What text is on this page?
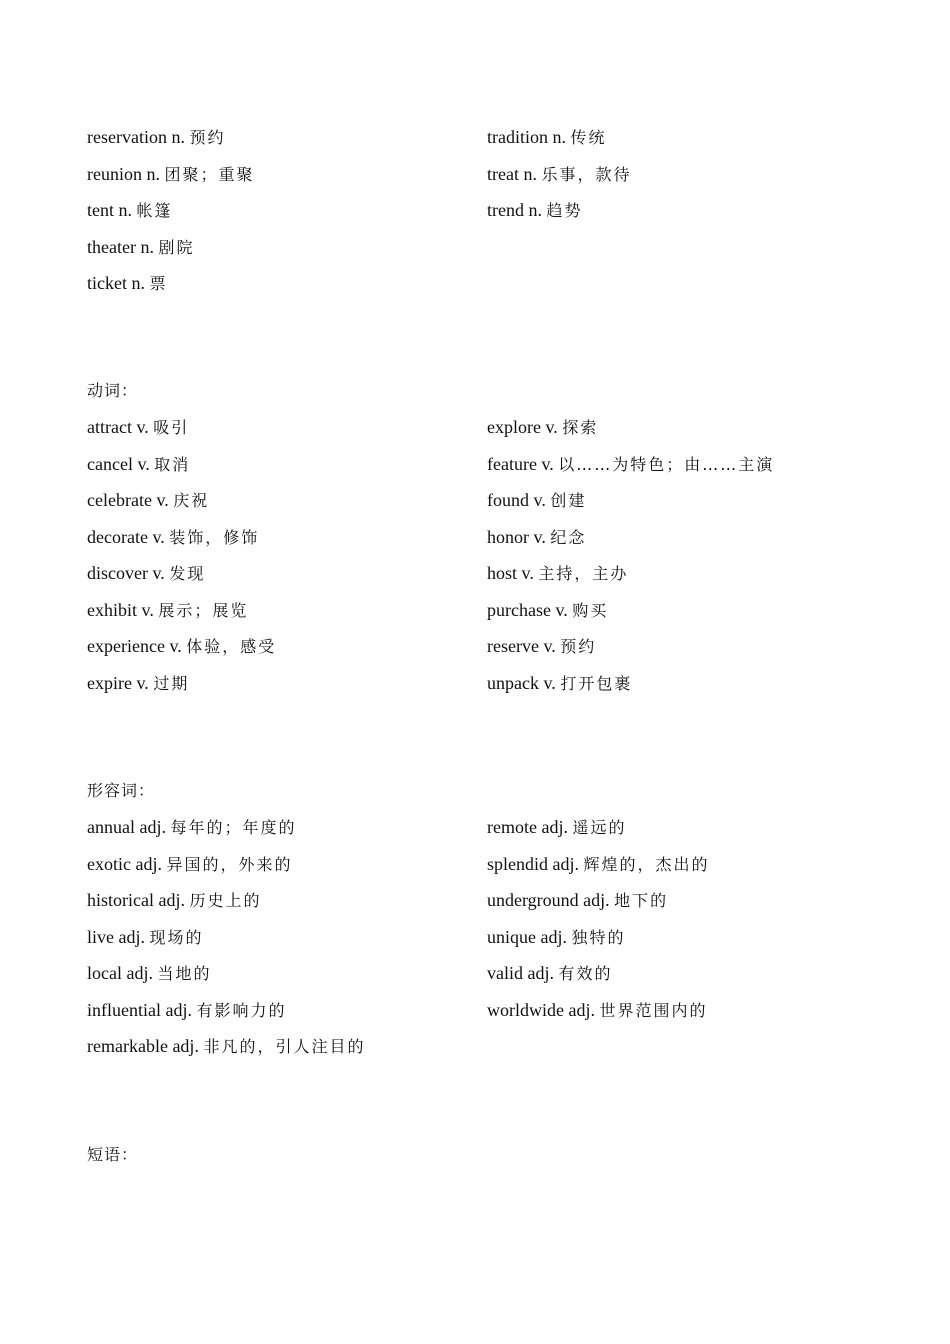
reservation n. 预约
reunion n. 团聚；重聚
tent n. 帐篷
theater n. 剧院
ticket n. 票
tradition n. 传统
treat n. 乐事，款待
trend n. 趋势
动词：
attract v. 吸引
cancel v. 取消
celebrate v. 庆祝
decorate v. 装饰，修饰
discover v. 发现
exhibit v. 展示；展览
experience v. 体验，感受
expire v. 过期
explore v. 探索
feature v. 以……为特色；由……主演
found v. 创建
honor v. 纪念
host v. 主持，主办
purchase v. 购买
reserve v. 预约
unpack v. 打开包裹
形容词：
annual adj. 每年的；年度的
exotic adj. 异国的，外来的
historical adj. 历史上的
live adj. 现场的
local adj. 当地的
influential adj. 有影响力的
remarkable adj. 非凡的，引人注目的
remote adj. 遥远的
splendid adj. 辉煌的，杰出的
underground adj. 地下的
unique adj. 独特的
valid adj. 有效的
worldwide adj. 世界范围内的
短语：
